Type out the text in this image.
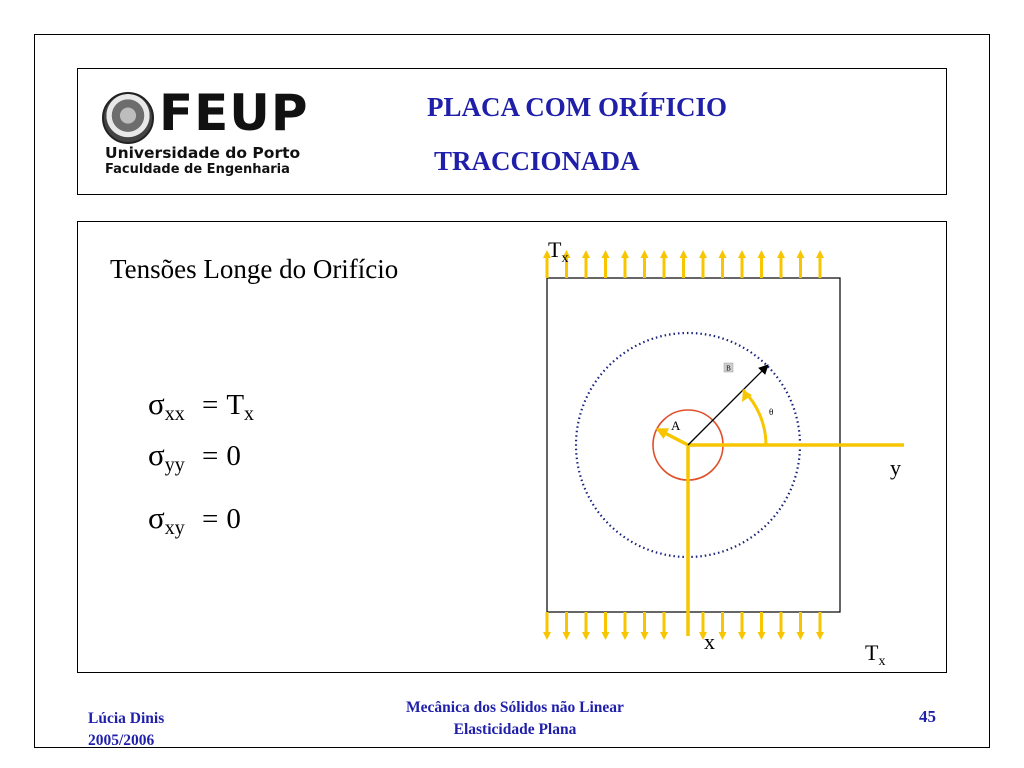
FEUP
Universidade do Porto
Faculdade de Engenharia
PLACA COM ORÍFICIO
TRACCIONADA
Tensões Longe do Orifício
$\sigma_{xx} = T_x$
$\sigma_{yy} = 0$
$\sigma_{xy} = 0$
B
A
θ
y
x
$T_x$
$T_x$
Lúcia Dinis
2005/2006
Mecânica dos Sólidos não Linear
Elasticidade Plana
45
